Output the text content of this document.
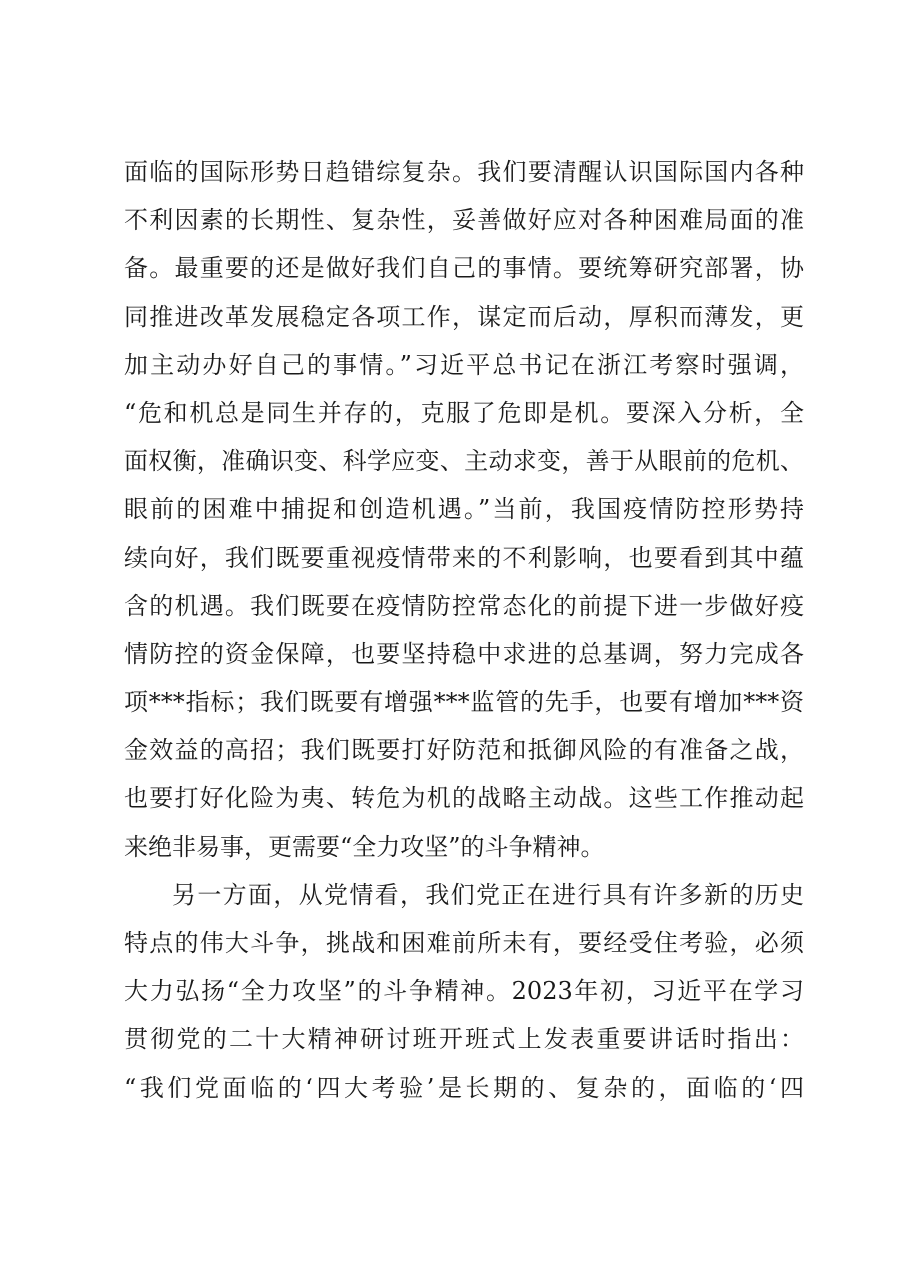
面临的国际形势日趋错综复杂。我们要清醒认识国际国内各种
不利因素的长期性、复杂性，妥善做好应对各种困难局面的准
备。最重要的还是做好我们自己的事情。要统筹研究部署，协
同推进改革发展稳定各项工作，谋定而后动，厚积而薄发，更
加主动办好自己的事情。”习近平总书记在浙江考察时强调，
“危和机总是同生并存的，克服了危即是机。要深入分析，全
面权衡，准确识变、科学应变、主动求变，善于从眼前的危机、
眼前的困难中捕捉和创造机遇。”当前，我国疫情防控形势持
续向好，我们既要重视疫情带来的不利影响，也要看到其中蕴
含的机遇。我们既要在疫情防控常态化的前提下进一步做好疫
情防控的资金保障，也要坚持稳中求进的总基调，努力完成各
项***指标；我们既要有增强***监管的先手，也要有增加***资
金效益的高招；我们既要打好防范和抵御风险的有准备之战，
也要打好化险为夷、转危为机的战略主动战。这些工作推动起
来绝非易事，更需要“全力攻坚”的斗争精神。
另一方面，从党情看，我们党正在进行具有许多新的历史
特点的伟大斗争，挑战和困难前所未有，要经受住考验，必须
大力弘扬“全力攻坚”的斗争精神。2023年初，习近平在学习
贯彻党的二十大精神研讨班开班式上发表重要讲话时指出：
“我们党面临的‘四大考验’是长期的、复杂的，面临的‘四
